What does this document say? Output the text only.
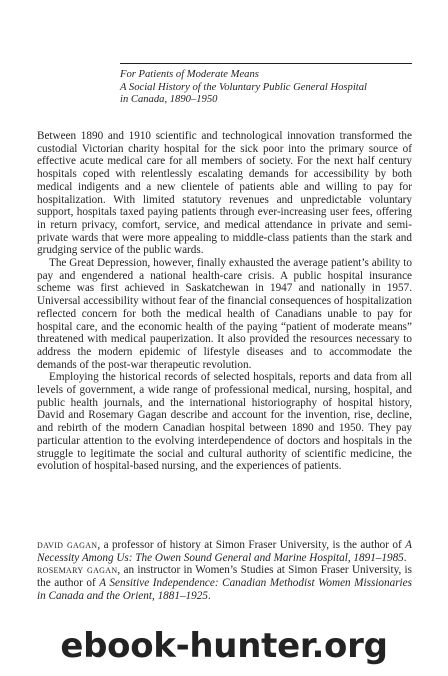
For Patients of Moderate Means
A Social History of the Voluntary Public General Hospital
in Canada, 1890–1950

Between 1890 and 1910 scientific and technological innovation transformed the custodial Victorian charity hospital for the sick poor into the primary source of effective acute medical care for all members of society. For the next half century hospitals coped with relentlessly escalating demands for accessibility by both medical indigents and a new clientele of patients able and willing to pay for hospitalization. With limited statutory revenues and unpredictable voluntary support, hospitals taxed paying patients through ever-increasing user fees, offering in return privacy, comfort, service, and medical attendance in private and semi-private wards that were more appealing to middle-class patients than the stark and grudging service of the public wards.

The Great Depression, however, finally exhausted the average patient’s ability to pay and engendered a national health-care crisis. A public hospital insurance scheme was first achieved in Saskatchewan in 1947 and nationally in 1957. Universal accessibility without fear of the financial consequences of hospitalization reflected concern for both the medical health of Canadians unable to pay for hospital care, and the economic health of the paying “patient of moderate means” threatened with medical pauperization. It also provided the resources necessary to address the modern epidemic of lifestyle diseases and to accommodate the demands of the post-war therapeutic revolution.

Employing the historical records of selected hospitals, reports and data from all levels of government, a wide range of professional medical, nursing, hospital, and public health journals, and the international historiography of hospital history, David and Rosemary Gagan describe and account for the invention, rise, decline, and rebirth of the modern Canadian hospital between 1890 and 1950. They pay particular attention to the evolving interdependence of doctors and hospitals in the struggle to legitimate the social and cultural authority of scientific medicine, the evolution of hospital-based nursing, and the experiences of patients.

david gagan, a professor of history at Simon Fraser University, is the author of A Necessity Among Us: The Owen Sound General and Marine Hospital, 1891–1985.

rosemary gagan, an instructor in Women’s Studies at Simon Fraser University, is the author of A Sensitive Independence: Canadian Methodist Women Missionaries in Canada and the Orient, 1881–1925.

ebook-hunter.org
